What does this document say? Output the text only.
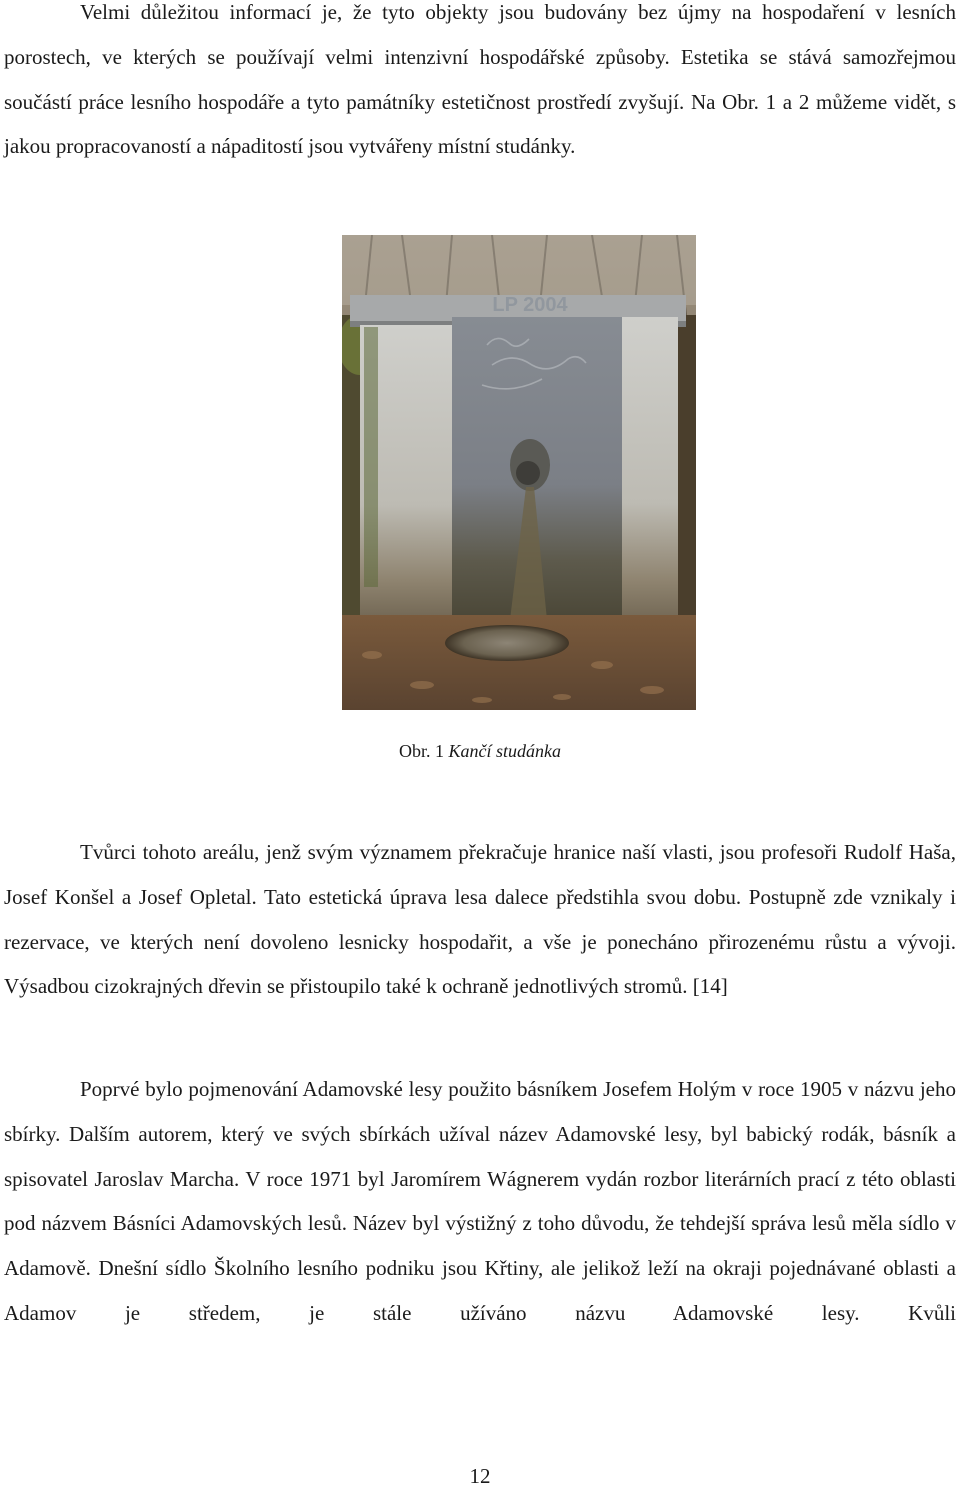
Velmi důležitou informací je, že tyto objekty jsou budovány bez újmy na hospodaření v lesních porostech, ve kterých se používají velmi intenzivní hospodářské způsoby. Estetika se stává samozřejmou součástí práce lesního hospodáře a tyto památníky estetičnost prostředí zvyšují. Na Obr. 1 a 2 můžeme vidět, s jakou propracovaností a nápaditostí jsou vytvářeny místní studánky.

LP 2004
Obr. 1 Kančí studánka

Tvůrci tohoto areálu, jenž svým významem překračuje hranice naší vlasti, jsou profesoři Rudolf Haša, Josef Konšel a Josef Opletal. Tato estetická úprava lesa dalece předstihla svou dobu. Postupně zde vznikaly i rezervace, ve kterých není dovoleno lesnicky hospodařit, a vše je ponecháno přirozenému růstu a vývoji. Výsadbou cizokrajných dřevin se přistoupilo také k ochraně jednotlivých stromů. [14]

Poprvé bylo pojmenování Adamovské lesy použito básníkem Josefem Holým v roce 1905 v názvu jeho sbírky. Dalším autorem, který ve svých sbírkách užíval název Adamovské lesy, byl babický rodák, básník a spisovatel Jaroslav Marcha. V roce 1971 byl Jaromírem Wágnerem vydán rozbor literárních prací z této oblasti pod názvem Básníci Adamovských lesů. Název byl výstižný z toho důvodu, že tehdejší správa lesů měla sídlo v Adamově. Dnešní sídlo Školního lesního podniku jsou Křtiny, ale jelikož leží na okraji pojednávané oblasti a Adamov je středem, je stále užíváno názvu Adamovské lesy. Kvůli

12
